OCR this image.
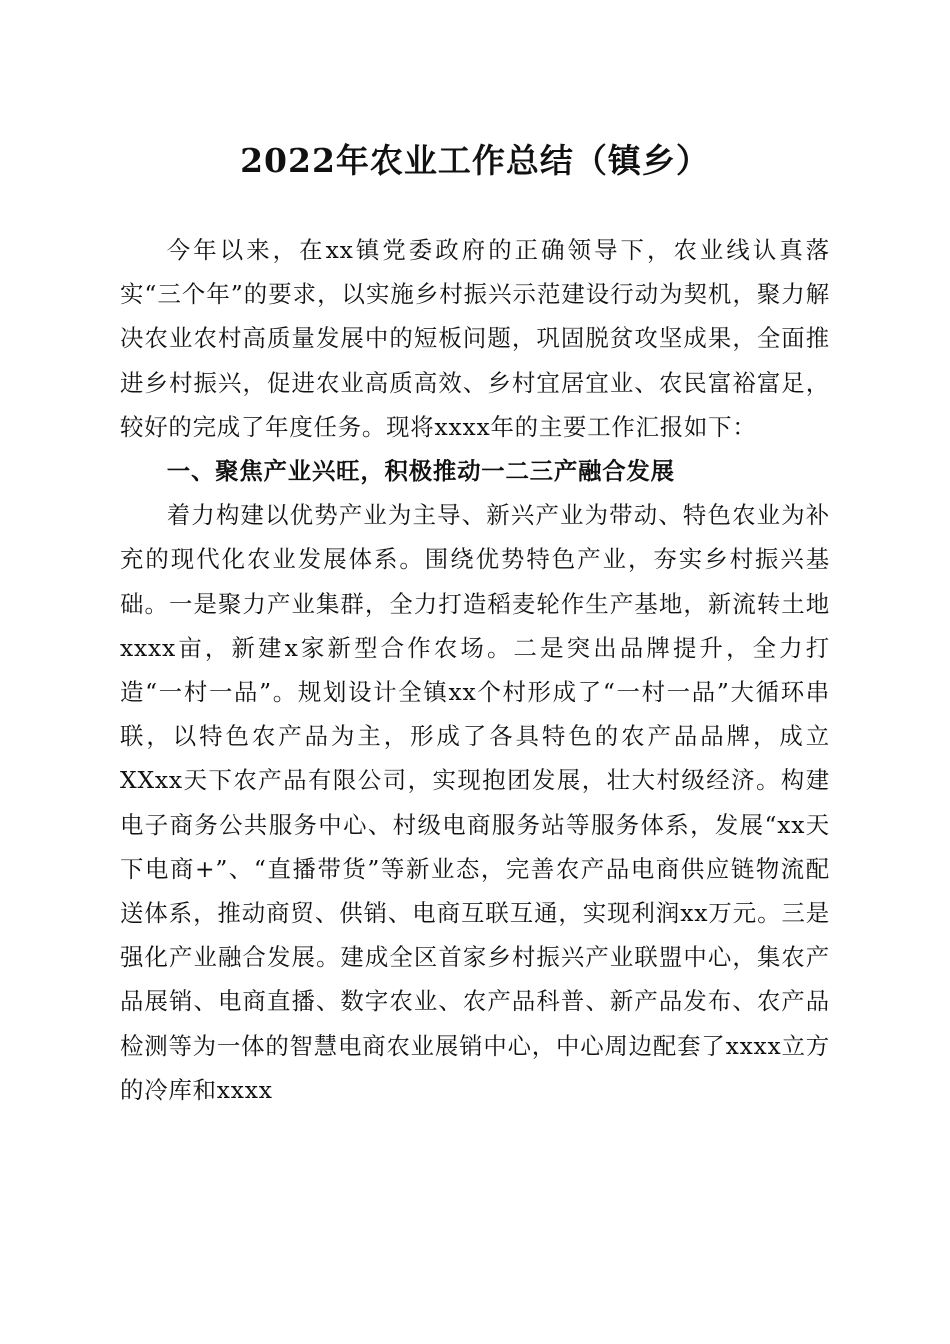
2022年农业工作总结（镇乡）

今年以来，在xx镇党委政府的正确领导下，农业线认真落实“三个年”的要求，以实施乡村振兴示范建设行动为契机，聚力解决农业农村高质量发展中的短板问题，巩固脱贫攻坚成果，全面推进乡村振兴，促进农业高质高效、乡村宜居宜业、农民富裕富足，较好的完成了年度任务。现将xxxx年的主要工作汇报如下：

一、聚焦产业兴旺，积极推动一二三产融合发展

着力构建以优势产业为主导、新兴产业为带动、特色农业为补充的现代化农业发展体系。围绕优势特色产业，夯实乡村振兴基础。一是聚力产业集群，全力打造稻麦轮作生产基地，新流转土地xxxx亩，新建x家新型合作农场。二是突出品牌提升，全力打造“一村一品”。规划设计全镇xx个村形成了“一村一品”大循环串联，以特色农产品为主，形成了各具特色的农产品品牌，成立XXxx天下农产品有限公司，实现抱团发展，壮大村级经济。构建电子商务公共服务中心、村级电商服务站等服务体系，发展“xx天下电商+”、“直播带货”等新业态，完善农产品电商供应链物流配送体系，推动商贸、供销、电商互联互通，实现利润xx万元。三是强化产业融合发展。建成全区首家乡村振兴产业联盟中心，集农产品展销、电商直播、数字农业、农产品科普、新产品发布、农产品检测等为一体的智慧电商农业展销中心，中心周边配套了xxxx立方的冷库和xxxx
